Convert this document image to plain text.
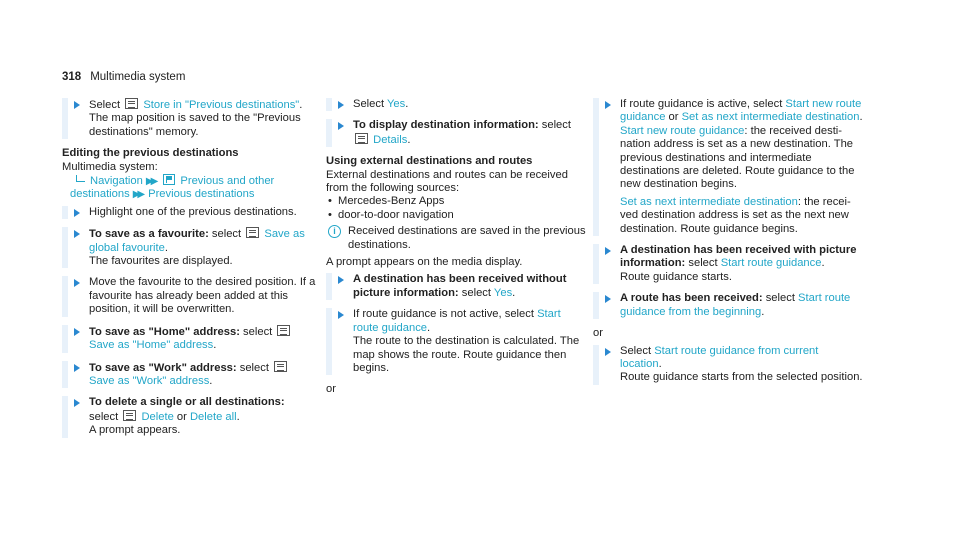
318 Multimedia system
Select Store in "Previous destinations".
The map position is saved to the "Previous destinations" memory.
Editing the previous destinations
Multimedia system:
Navigation ▶▶ Previous and other destinations ▶▶ Previous destinations
Highlight one of the previous destinations.
To save as a favourite: select Save as global favourite.
The favourites are displayed.
Move the favourite to the desired position. If a favourite has already been added at this position, it will be overwritten.
To save as "Home" address: select
Save as "Home" address.
To save as "Work" address: select
Save as "Work" address.
To delete a single or all destinations:
select Delete or Delete all.
A prompt appears.
Select Yes.
To display destination information: select
Details.
Using external destinations and routes
External destinations and routes can be received from the following sources:
• Mercedes-Benz Apps
• door-to-door navigation
i	Received destinations are saved in the previous destinations.
A prompt appears on the media display.
A destination has been received without picture information: select Yes.
If route guidance is not active, select Start route guidance.
The route to the destination is calculated. The map shows the route. Route guidance then begins.
or
If route guidance is active, select Start new route guidance or Set as next intermediate destination.
Start new route guidance: the received destination address is set as a new destination. The previous destinations and intermediate destinations are deleted. Route guidance to the new destination begins.
Set as next intermediate destination: the received destination address is set as the next new destination. Route guidance begins.
A destination has been received with picture information: select Start route guidance.
Route guidance starts.
A route has been received: select Start route guidance from the beginning.
or
Select Start route guidance from current location.
Route guidance starts from the selected position.
